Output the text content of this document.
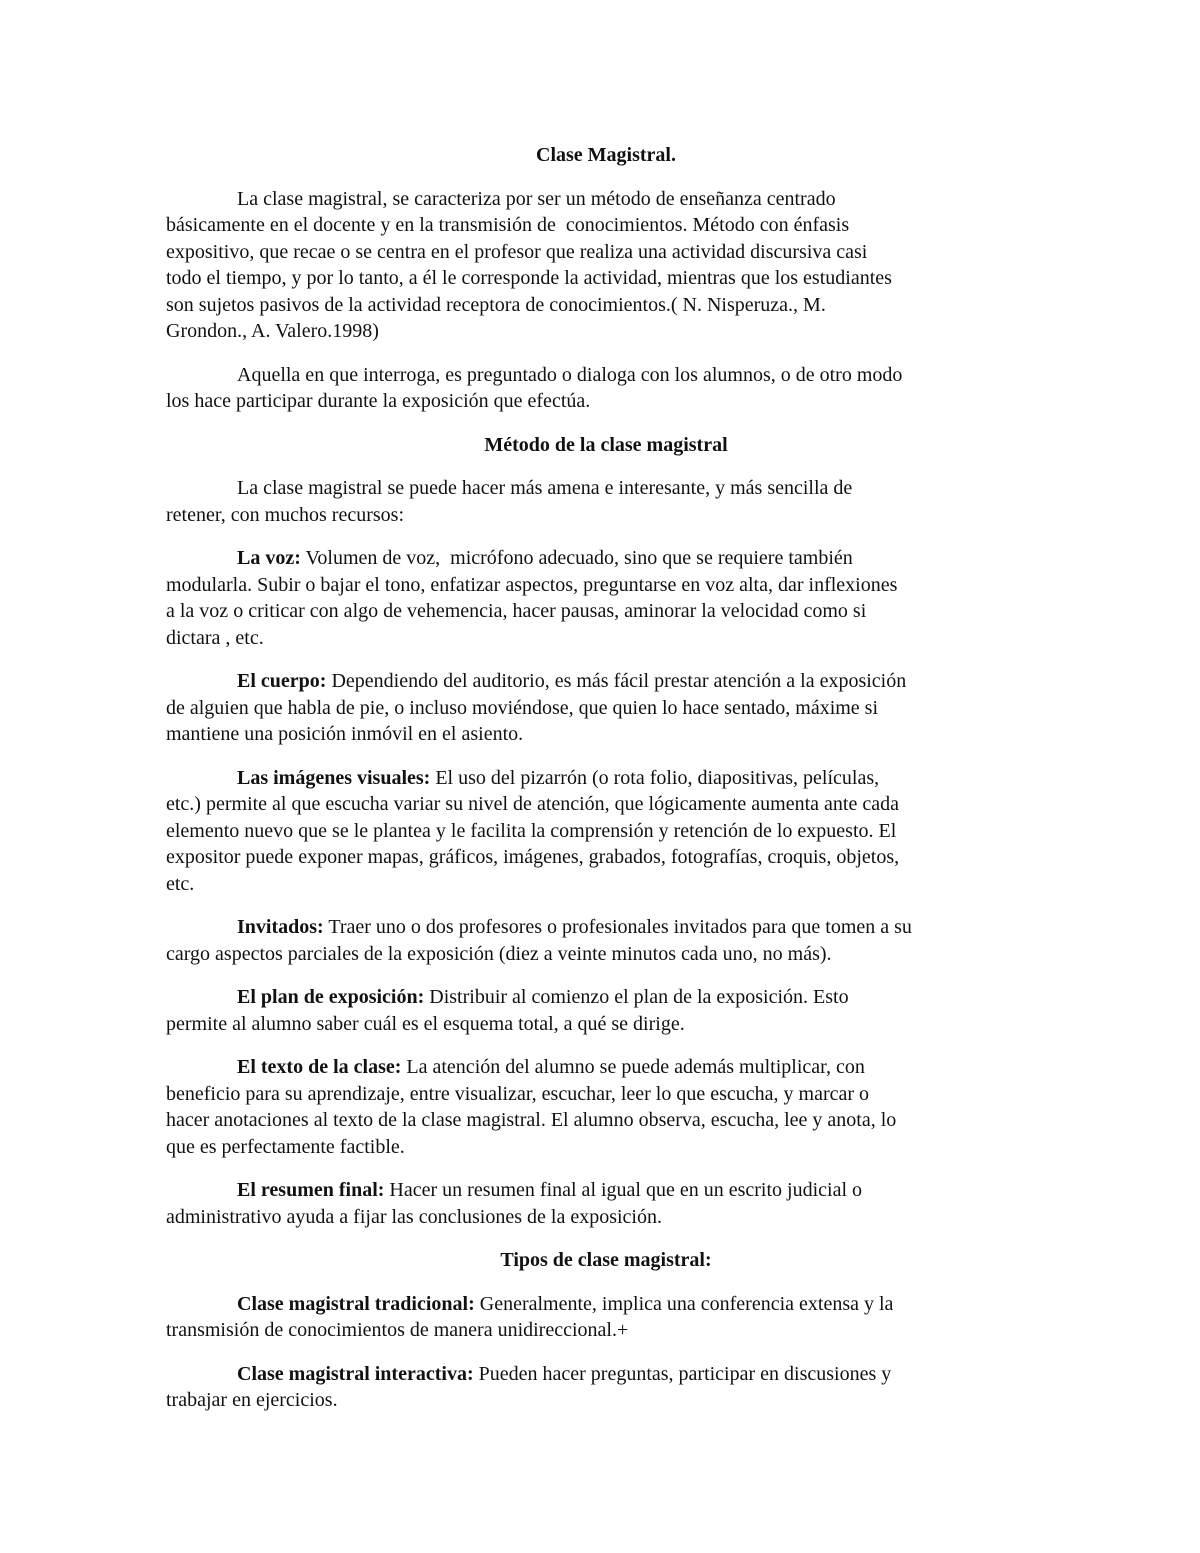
Clase Magistral.
La clase magistral, se caracteriza por ser un método de enseñanza centrado
básicamente en el docente y en la transmisión de  conocimientos. Método con énfasis
expositivo, que recae o se centra en el profesor que realiza una actividad discursiva casi
todo el tiempo, y por lo tanto, a él le corresponde la actividad, mientras que los estudiantes
son sujetos pasivos de la actividad receptora de conocimientos.( N. Nisperuza., M.
Grondon., A. Valero.1998)
Aquella en que interroga, es preguntado o dialoga con los alumnos, o de otro modo
los hace participar durante la exposición que efectúa.
Método de la clase magistral
La clase magistral se puede hacer más amena e interesante, y más sencilla de
retener, con muchos recursos:
La voz: Volumen de voz,  micrófono adecuado, sino que se requiere también
modularla. Subir o bajar el tono, enfatizar aspectos, preguntarse en voz alta, dar inflexiones
a la voz o criticar con algo de vehemencia, hacer pausas, aminorar la velocidad como si
dictara , etc.
El cuerpo: Dependiendo del auditorio, es más fácil prestar atención a la exposición
de alguien que habla de pie, o incluso moviéndose, que quien lo hace sentado, máxime si
mantiene una posición inmóvil en el asiento.
Las imágenes visuales: El uso del pizarrón (o rota folio, diapositivas, películas,
etc.) permite al que escucha variar su nivel de atención, que lógicamente aumenta ante cada
elemento nuevo que se le plantea y le facilita la comprensión y retención de lo expuesto. El
expositor puede exponer mapas, gráficos, imágenes, grabados, fotografías, croquis, objetos,
etc.
Invitados: Traer uno o dos profesores o profesionales invitados para que tomen a su
cargo aspectos parciales de la exposición (diez a veinte minutos cada uno, no más).
El plan de exposición: Distribuir al comienzo el plan de la exposición. Esto
permite al alumno saber cuál es el esquema total, a qué se dirige.
El texto de la clase: La atención del alumno se puede además multiplicar, con
beneficio para su aprendizaje, entre visualizar, escuchar, leer lo que escucha, y marcar o
hacer anotaciones al texto de la clase magistral. El alumno observa, escucha, lee y anota, lo
que es perfectamente factible.
El resumen final: Hacer un resumen final al igual que en un escrito judicial o
administrativo ayuda a fijar las conclusiones de la exposición.
Tipos de clase magistral:
Clase magistral tradicional: Generalmente, implica una conferencia extensa y la
transmisión de conocimientos de manera unidireccional.+
Clase magistral interactiva: Pueden hacer preguntas, participar en discusiones y
trabajar en ejercicios.
